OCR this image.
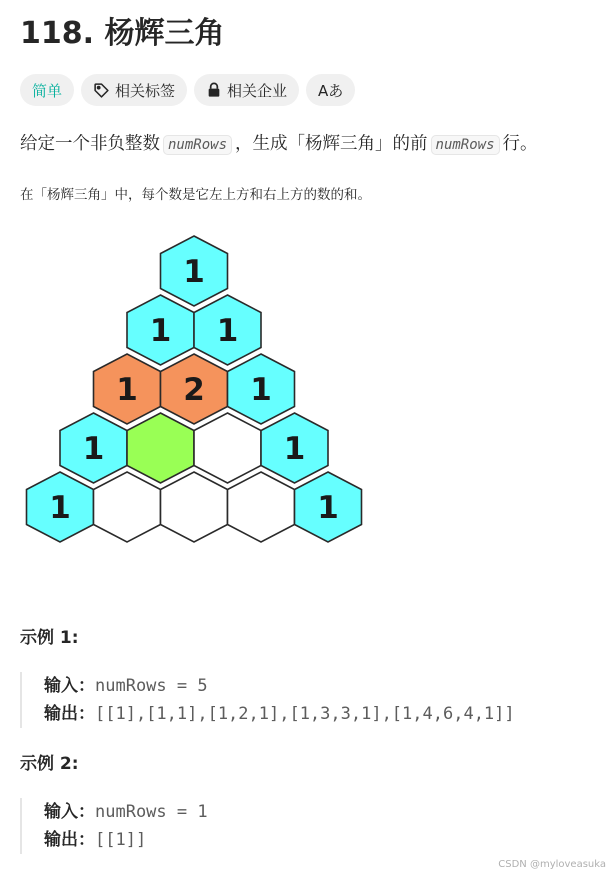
118. 杨辉三角
简单	相关标签	相关企业 Aあ
给定一个非负整数 numRows ，生成「杨辉三角」的前 numRows 行。
在「杨辉三角」中，每个数是它左上方和右上方的数的和。
1
1 1
1 2 1
1	1
1	1
示例 1:
输入：numRows = 5
输出：[[1],[1,1],[1,2,1],[1,3,3,1],[1,4,6,4,1]]
示例 2:
输入：numRows = 1
输出：[[1]]
CSDN @myloveasuka
